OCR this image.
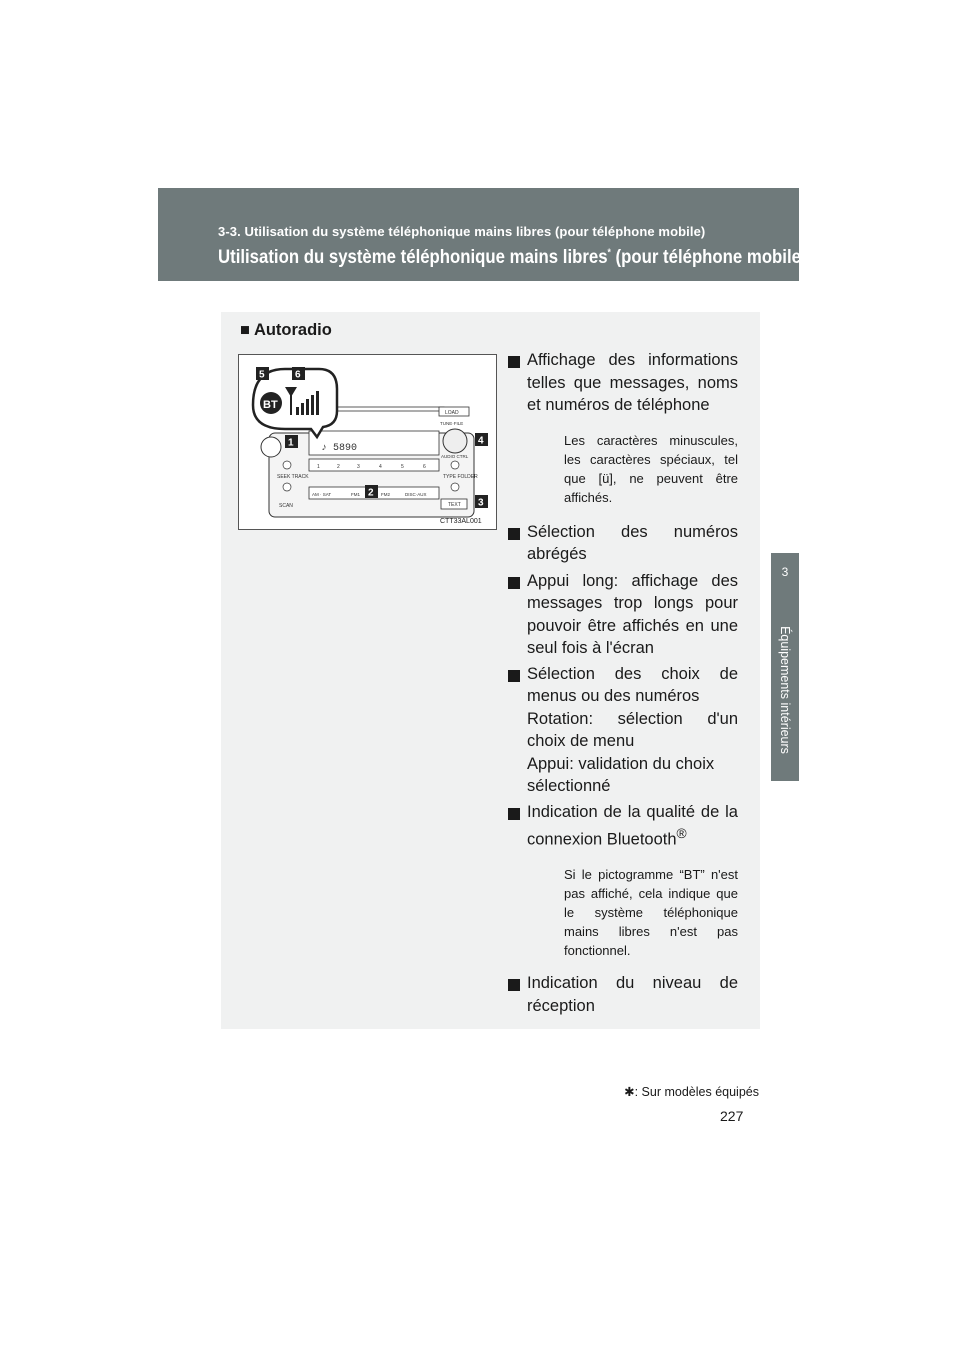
3-3. Utilisation du système téléphonique mains libres (pour téléphone mobile)
Utilisation du système téléphonique mains libres* (pour téléphone mobile)
3
Équipements intérieurs
■ Autoradio
♪ 5890
LOAD
TUNE·FILE
AUDIO CTRL
SEEK TRACK	TYPE FOLDER
SCAN	TEXT
1	2	3	4	5	6
AM · SAT	FM1	FM2	DISC·AUX
BT
5	6
1	4
2
3
CTT33AL001
Affichage des informations telles que messages, noms et numéros de téléphone
Les caractères minuscules, les caractères spéciaux, tel que [ü], ne peuvent être affichés.
Sélection des numéros abrégés
Appui long: affichage des messages trop longs pour pouvoir être affichés en une seul fois à l'écran
Sélection des choix de menus ou des numéros
Rotation: sélection d'un choix de menu
Appui: validation du choix sélectionné
Indication de la qualité de la connexion Bluetooth®
Si le pictogramme “BT” n'est pas affiché, cela indique que le système téléphonique mains libres n'est pas fonctionnel.
Indication du niveau de réception
✱: Sur modèles équipés
227
